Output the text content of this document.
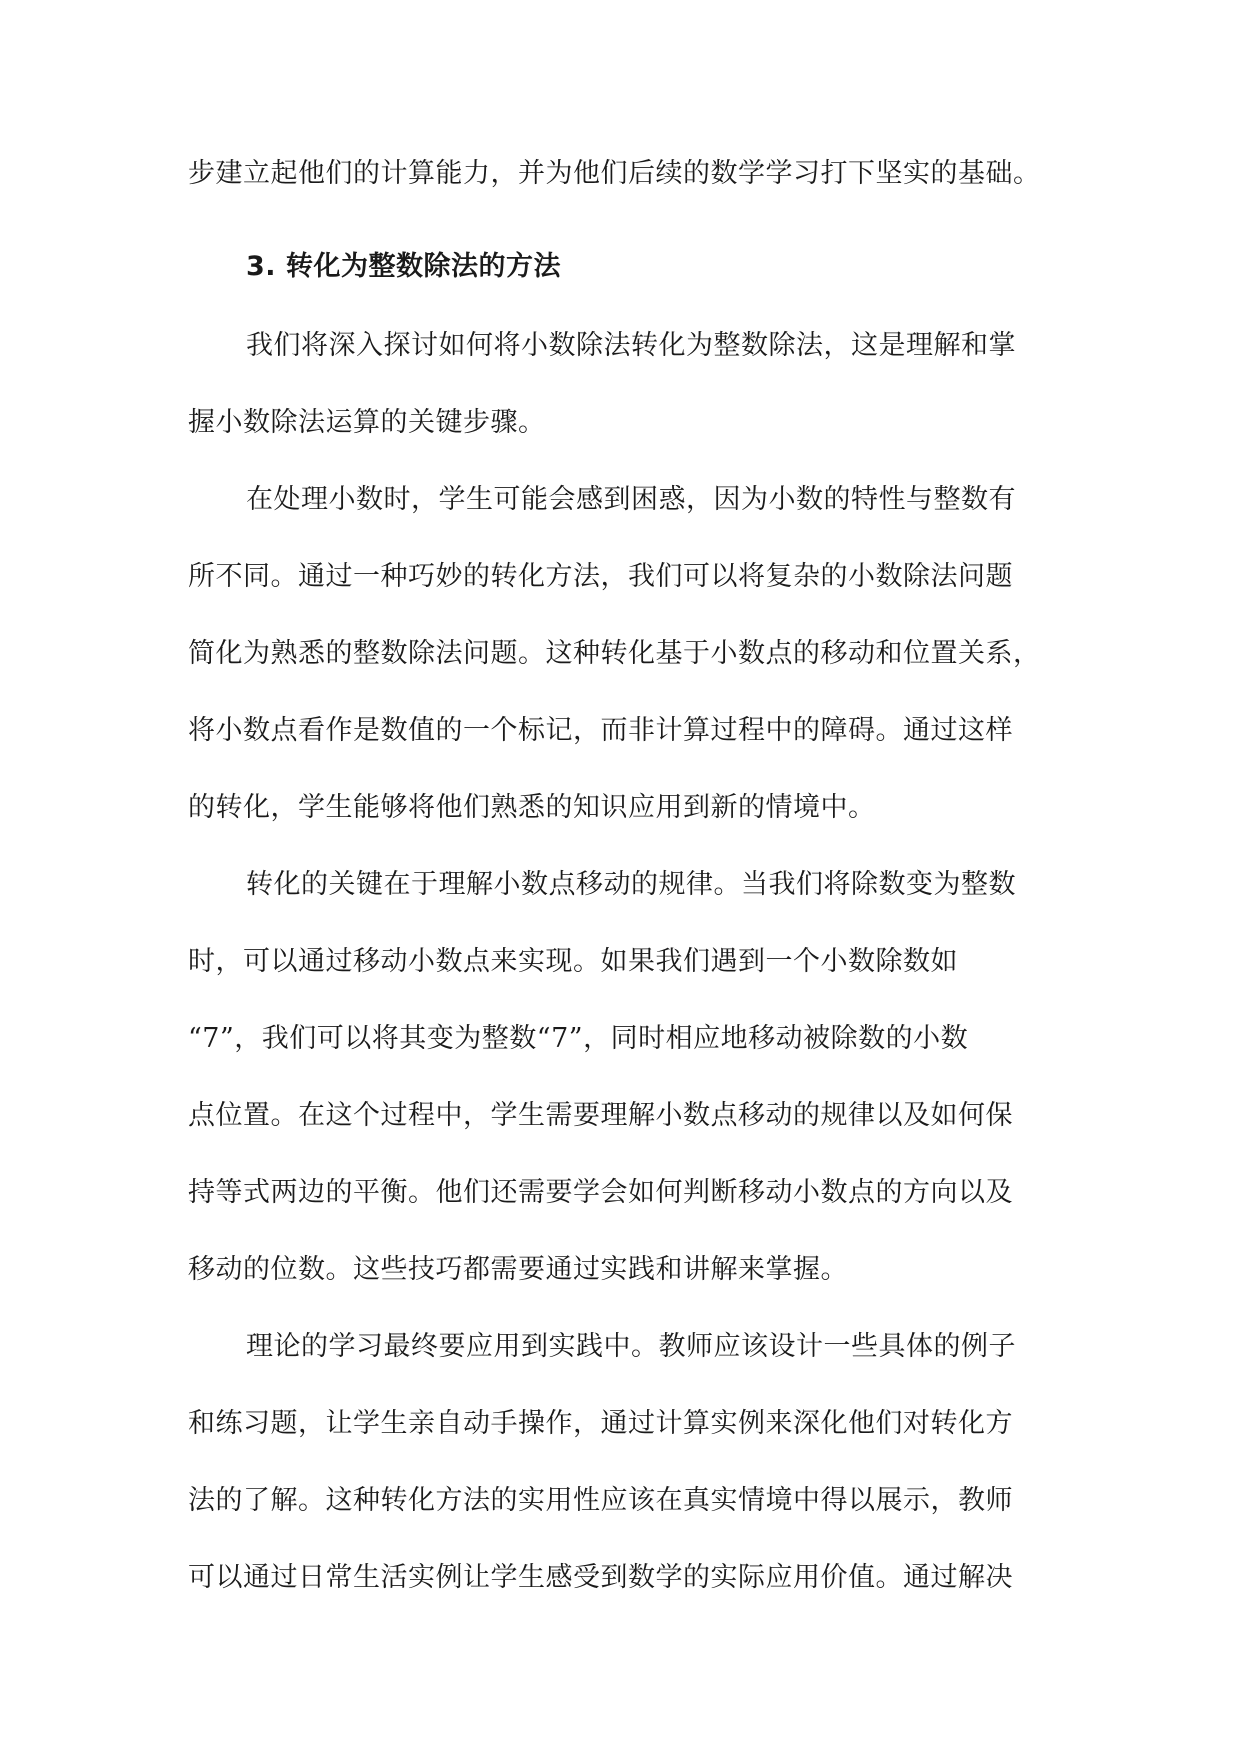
步建立起他们的计算能力，并为他们后续的数学学习打下坚实的基础。
3. 转化为整数除法的方法
我们将深入探讨如何将小数除法转化为整数除法，这是理解和掌
握小数除法运算的关键步骤。
在处理小数时，学生可能会感到困惑，因为小数的特性与整数有
所不同。通过一种巧妙的转化方法，我们可以将复杂的小数除法问题
简化为熟悉的整数除法问题。这种转化基于小数点的移动和位置关系，
将小数点看作是数值的一个标记，而非计算过程中的障碍。通过这样
的转化，学生能够将他们熟悉的知识应用到新的情境中。
转化的关键在于理解小数点移动的规律。当我们将除数变为整数
时，可以通过移动小数点来实现。如果我们遇到一个小数除数如
“7”，我们可以将其变为整数“7”，同时相应地移动被除数的小数
点位置。在这个过程中，学生需要理解小数点移动的规律以及如何保
持等式两边的平衡。他们还需要学会如何判断移动小数点的方向以及
移动的位数。这些技巧都需要通过实践和讲解来掌握。
理论的学习最终要应用到实践中。教师应该设计一些具体的例子
和练习题，让学生亲自动手操作，通过计算实例来深化他们对转化方
法的了解。这种转化方法的实用性应该在真实情境中得以展示，教师
可以通过日常生活实例让学生感受到数学的实际应用价值。通过解决
